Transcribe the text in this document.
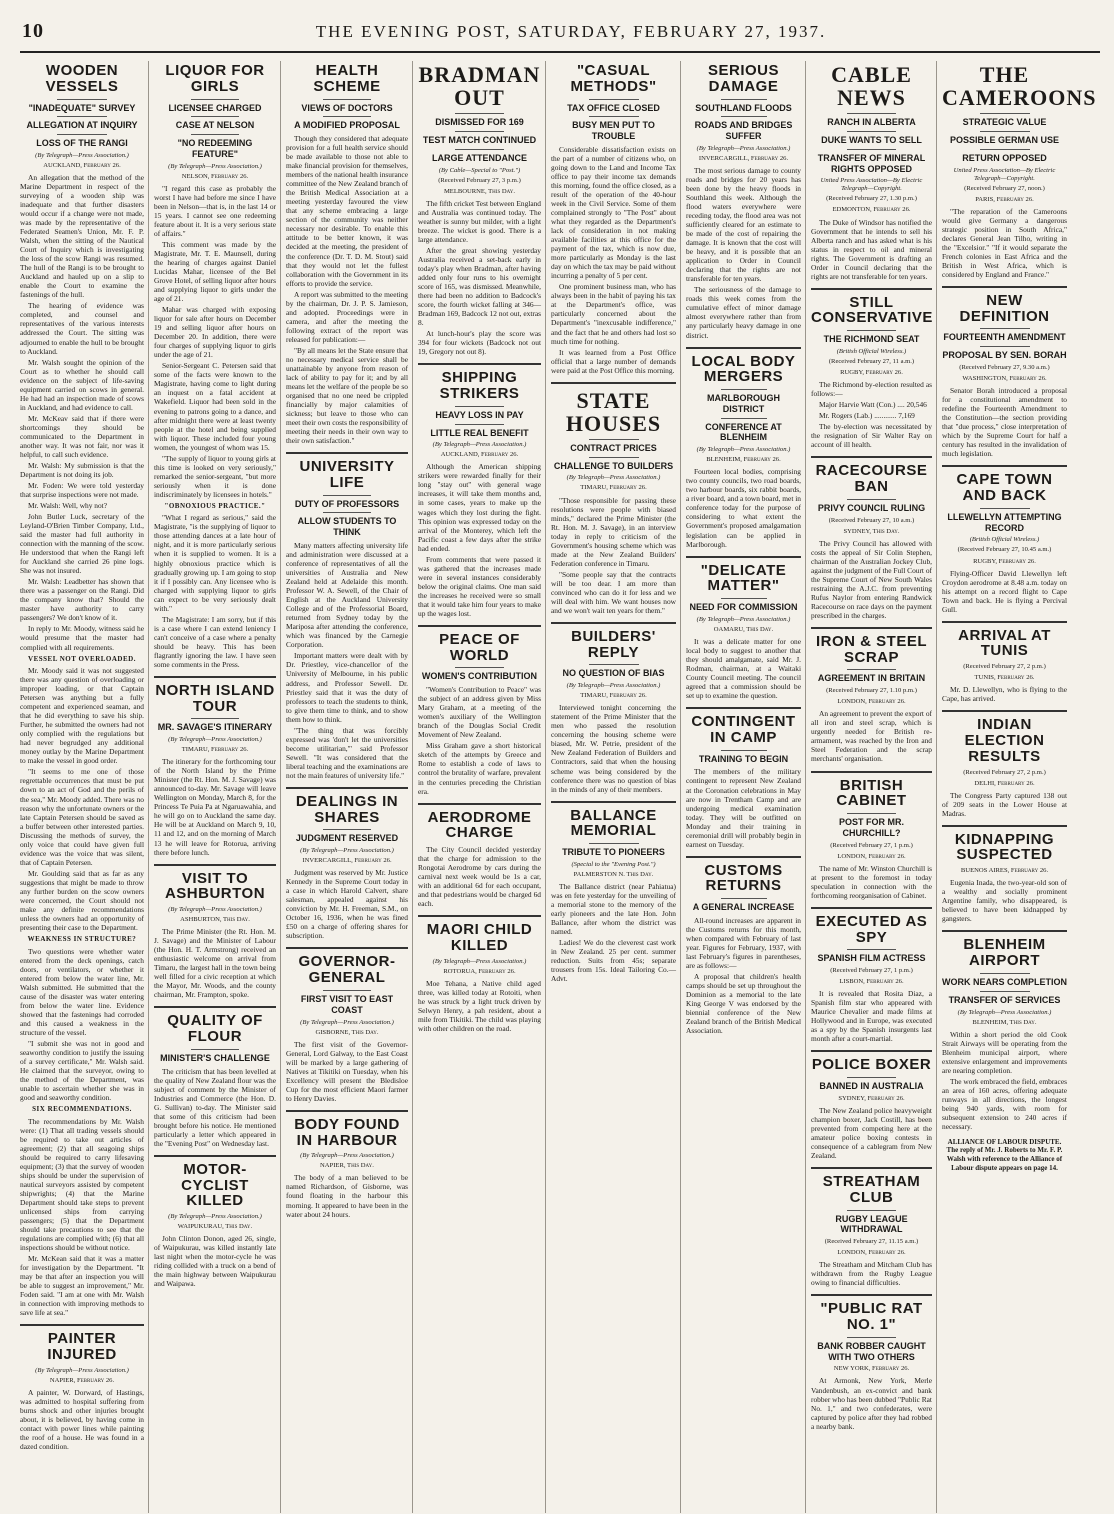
10	THE EVENING POST, SATURDAY, FEBRUARY 27, 1937.
WOODEN VESSELS
"INADEQUATE" SURVEY
ALLEGATION AT INQUIRY
LOSS OF THE RANGI
(By Telegraph—Press Association.)
AUCKLAND, February 26.

An allegation that the method of the Marine Department in respect of the surveying of a wooden ship was inadequate and that further disasters would occur if a change were not made, was made by the representative of the Federated Seamen's Union, Mr. F. P. Walsh, when the sitting of the Nautical Court of Inquiry which is investigating the loss of the scow Rangi was resumed. The hull of the Rangi is to be brought to Auckland and hauled up on a slip to enable the Court to examine the fastenings of the hull.

The hearing of evidence was completed, and counsel and representatives of the various interests addressed the Court. The sitting was adjourned to enable the hull to be brought to Auckland.

Mr. Walsh sought the opinion of the Court as to whether he should call evidence on the subject of life-saving equipment carried on scows in general. He had had an inspection made of scows in Auckland, and had evidence to call.

Mr. McKeav said that if there were shortcomings they should be communicated to the Department in another way. It was not fair, nor was it helpful, to call such evidence.

Mr. Walsh: My submission is that the Department is not doing its job.

Mr. Foden: We were told yesterday that surprise inspections were not made.

Mr. Walsh: Well, why not?

John Butler Luck, secretary of the Leyland-O'Brien Timber Company, Ltd., said the master had full authority in connection with the manning of the scow. He understood that when the Rangi left for Auckland she carried 26 pine logs. She was not insured.

Mr. Walsh: Leadbetter has shown that there was a passenger on the Rangi. Did the company know that? Should the master have authority to carry passengers? We don't know of it.

In reply to Mr. Moody, witness said he would presume that the master had complied with all requirements.

VESSEL NOT OVERLOADED.

Mr. Moody said it was not suggested there was any question of overloading or improper loading, or that Captain Petersen was anything but a fully competent and experienced seaman, and that he did everything to save his ship. Further, he submitted the owners had not only complied with the regulations but had never begrudged any additional money outlay by the Marine Department to make the vessel in good order.

"It seems to me one of those regrettable occurrences that must be put down to an act of God and the perils of the sea," Mr. Moody added. There was no reason why the unfortunate owners or the late Captain Petersen should be saved as a buffer between other interested parties. Discussing the methods of survey, the only voice that could have given full evidence was the voice that was silent, that of Captain Petersen.

Mr. Goulding said that as far as any suggestions that might be made to throw any further burden on the scow owners were concerned, the Court should not make any definite recommendations unless the owners had an opportunity of presenting their case to the Department.

WEAKNESS IN STRUCTURE?

Two questions were whether water entered from the deck openings, catch doors, or ventilators, or whether it entered from below the water line, Mr. Walsh submitted. He submitted that the cause of the disaster was water entering from below the water line. Evidence showed that the fastenings had corroded and this caused a weakness in the structure of the vessel.

"I submit she was not in good and seaworthy condition to justify the issuing of a survey certificate," Mr. Walsh said. He claimed that the surveyor, owing to the method of the Department, was unable to ascertain whether she was in good and seaworthy condition.

SIX RECOMMENDATIONS.

The recommendations by Mr. Walsh were: (1) That all trading vessels should be required to take out articles of agreement; (2) that all seagoing ships should be required to carry lifesaving equipment; (3) that the survey of wooden ships should be under the supervision of nautical surveyors assisted by competent shipwrights; (4) that the Marine Department should take steps to prevent unlicensed ships from carrying passengers; (5) that the Department should take precautions to see that the regulations are complied with; (6) that all inspections should be without notice.

Mr. McKean said that it was a matter for investigation by the Department. "It may be that after an inspection you will be able to suggest an improvement," Mr. Foden said. "I am at one with Mr. Walsh in connection with improving methods to save life at sea."

PAINTER INJURED
(By Telegraph—Press Association.)
NAPIER, February 26.

A painter, W. Dorward, of Hastings, was admitted to hospital suffering from burns shock and other injuries brought about, it is believed, by having come in contact with power lines while painting the roof of a house. He was found in a dazed condition.

LIQUOR FOR GIRLS
LICENSEE CHARGED
CASE AT NELSON
"NO REDEEMING FEATURE"
(By Telegraph—Press Association.)
NELSON, February 26.

"I regard this case as probably the worst I have had before me since I have been in Nelson—that is, in the last 14 or 15 years. I cannot see one redeeming feature about it. It is a very serious state of affairs."

This comment was made by the Magistrate, Mr. T. E. Maunsell, during the hearing of charges against Daniel Lucidas Mahar, licensee of the Bel Grove Hotel, of selling liquor after hours and supplying liquor to girls under the age of 21.

Mahar was charged with exposing liquor for sale after hours on December 19 and selling liquor after hours on December 20. In addition, there were four charges of supplying liquor to girls under the age of 21.

Senior-Sergeant C. Petersen said that some of the facts were known to the Magistrate, having come to light during an inquest on a fatal accident at Wakefield. Liquor had been sold in the evening to patrons going to a dance, and after midnight there were at least twenty people at the hotel and being supplied with liquor. These included four young women, the youngest of whom was 15.

"The supply of liquor to young girls at this time is looked on very seriously," remarked the senior-sergeant, "but more seriously when it is done indiscriminately by licensees in hotels."

"OBNOXIOUS PRACTICE."

"What I regard as serious," said the Magistrate, "is the supplying of liquor to those attending dances at a late hour of night, and it is more particularly serious when it is supplied to women. It is a highly obnoxious practice which is gradually growing up. I am going to stop it if I possibly can. Any licensee who is charged with supplying liquor to girls can expect to be very seriously dealt with."

The Magistrate: I am sorry, but if this is a case where I can extend leniency I can't conceive of a case where a penalty should be heavy. This has been flagrantly ignoring the law. I have seen some comments in the Press.

NORTH ISLAND TOUR
MR. SAVAGE'S ITINERARY
(By Telegraph—Press Association.)
TIMARU, February 26.

The itinerary for the forthcoming tour of the North Island by the Prime Minister (the Rt. Hon. M. J. Savage) was announced to-day. Mr. Savage will leave Wellington on Monday, March 8, for the Princess Te Puia Pa at Ngaruawahia, and he will go on to Auckland the same day. He will be at Auckland on March 9, 10, 11 and 12, and on the morning of March 13 he will leave for Rotorua, arriving there before lunch.

VISIT TO ASHBURTON
(By Telegraph—Press Association.)
ASHBURTON, This Day.

The Prime Minister (the Rt. Hon. M. J. Savage) and the Minister of Labour (the Hon. H. T. Armstrong) received an enthusiastic welcome on arrival from Timaru, the largest hall in the town being well filled for a civic reception at which the Mayor, Mr. Woods, and the county chairman, Mr. Frampton, spoke.

QUALITY OF FLOUR
MINISTER'S CHALLENGE

The criticism that has been levelled at the quality of New Zealand flour was the subject of comment by the Minister of Industries and Commerce (the Hon. D. G. Sullivan) to-day. The Minister said that some of this criticism had been brought before his notice. He mentioned particularly a letter which appeared in the "Evening Post" on Wednesday last.

MOTOR-CYCLIST KILLED
(By Telegraph—Press Association.)
WAIPUKURAU, This Day.

John Clinton Donon, aged 26, single, of Waipukurau, was killed instantly late last night when the motor-cycle he was riding collided with a truck on a bend of the main highway between Waipukurau and Waipawa.

HEALTH SCHEME
VIEWS OF DOCTORS
A MODIFIED PROPOSAL

Though they considered that adequate provision for a full health service should be made available to those not able to make financial provision for themselves, members of the national health insurance committee of the New Zealand branch of the British Medical Association at a meeting yesterday favoured the view that any scheme embracing a large section of the community was neither necessary nor desirable. To enable this attitude to be better known, it was decided at the meeting, the president of the conference (Dr. T. D. M. Stout) said that they would not let the fullest collaboration with the Government in its efforts to provide the service.

A report was submitted to the meeting by the chairman, Dr. J. P. S. Jamieson, and adopted. Proceedings were in camera, and after the meeting the following extract of the report was released for publication:—

"By all means let the State ensure that no necessary medical service shall be unattainable by anyone from reason of lack of ability to pay for it; and by all means let the welfare of the people be so organised that no one need be crippled financially by major calamities of sickness; but leave to those who can meet their own costs the responsibility of meeting their needs in their own way to their own satisfaction."

UNIVERSITY LIFE
DUTY OF PROFESSORS
ALLOW STUDENTS TO THINK

Many matters affecting university life and administration were discussed at a conference of representatives of all the universities of Australia and New Zealand held at Adelaide this month. Professor W. A. Sewell, of the Chair of English at the Auckland University College and of the Professorial Board, returned from Sydney today by the Mariposa after attending the conference, which was financed by the Carnegie Corporation.

Important matters were dealt with by Dr. Priestley, vice-chancellor of the University of Melbourne, in his public address, and Professor Sewell. Dr. Priestley said that it was the duty of professors to teach the students to think, to give them time to think, and to show them how to think.

"The thing that was forcibly expressed was 'don't let the universities become utilitarian,'" said Professor Sewell. "It was considered that the liberal teaching and the examinations are not the main features of university life."

DEALINGS IN SHARES
JUDGMENT RESERVED
(By Telegraph—Press Association.)
INVERCARGILL, February 26.

Judgment was reserved by Mr. Justice Kennedy in the Supreme Court today in a case in which Harold Calvert, share salesman, appealed against his conviction by Mr. H. Freeman, S.M., on October 16, 1936, when he was fined £50 on a charge of offering shares for subscription.

GOVERNOR-GENERAL
FIRST VISIT TO EAST COAST
(By Telegraph—Press Association.)
GISBORNE, This Day.

The first visit of the Governor-General, Lord Galway, to the East Coast will be marked by a large gathering of Natives at Tikitiki on Tuesday, when his Excellency will present the Bledisloe Cup for the most efficient Maori farmer to Henry Davies.

BODY FOUND IN HARBOUR
(By Telegraph—Press Association.)
NAPIER, This Day.

The body of a man believed to be named Richardson, of Gisborne, was found floating in the harbour this morning. It appeared to have been in the water about 24 hours.

BRADMAN OUT
DISMISSED FOR 169
TEST MATCH CONTINUED
LARGE ATTENDANCE
(By Cable—Special to "Post.")
(Received February 27, 3 p.m.)
MELBOURNE, This Day.

The fifth cricket Test between England and Australia was continued today. The weather is sunny but milder, with a light breeze. The wicket is good. There is a large attendance.

After the great showing yesterday Australia received a set-back early in today's play when Bradman, after having added only four runs to his overnight score of 165, was dismissed. Meanwhile, there had been no addition to Badcock's score, the fourth wicket falling at 346—Bradman 169, Badcock 12 not out, extras 8.

At lunch-hour's play the score was 394 for four wickets (Badcock not out 19, Gregory not out 8).

SHIPPING STRIKERS
HEAVY LOSS IN PAY
LITTLE REAL BENEFIT
(By Telegraph—Press Association.)
AUCKLAND, February 26.

Although the American shipping strikers were rewarded finally for their long "stay out" with general wage increases, it will take them months and, in some cases, years to make up the wages which they lost during the fight. This opinion was expressed today on the arrival of the Monterey, which left the Pacific coast a few days after the strike had ended.

From comments that were passed it was gathered that the increases made were in several instances considerably below the original claims. One man said the increases he received were so small that it would take him four years to make up the wages lost.

PEACE OF WORLD
WOMEN'S CONTRIBUTION

"Women's Contribution to Peace" was the subject of an address given by Miss Mary Graham, at a meeting of the women's auxiliary of the Wellington branch of the Douglas Social Credit Movement of New Zealand.

Miss Graham gave a short historical sketch of the attempts by Greece and Rome to establish a code of laws to control the brutality of warfare, prevalent in the centuries preceding the Christian era.

AERODROME CHARGE

The City Council decided yesterday that the charge for admission to the Rongotai Aerodrome by cars during the carnival next week would be 1s a car, with an additional 6d for each occupant, and that pedestrians would be charged 6d each.

MAORI CHILD KILLED
(By Telegraph—Press Association.)
ROTORUA, February 26.

Moe Tehana, a Native child aged three, was killed today at Rotoiti, when he was struck by a light truck driven by Selwyn Henry, a pah resident, about a mile from Tikitiki. The child was playing with other children on the road.

"CASUAL METHODS"
TAX OFFICE CLOSED
BUSY MEN PUT TO TROUBLE

Considerable dissatisfaction exists on the part of a number of citizens who, on going down to the Land and Income Tax office to pay their income tax demands this morning, found the office closed, as a result of the operation of the 40-hour week in the Civil Service. Some of them complained strongly to "The Post" about what they regarded as the Department's lack of consideration in not making available facilities at this office for the payment of the tax, which is now due, more particularly as Monday is the last day on which the tax may be paid without incurring a penalty of 5 per cent.

One prominent business man, who has always been in the habit of paying his tax at the Department's office, was particularly concerned about the Department's "inexcusable indifference," and the fact that he and others had lost so much time for nothing.

It was learned from a Post Office official that a large number of demands were paid at the Post Office this morning.

STATE HOUSES
CONTRACT PRICES
CHALLENGE TO BUILDERS
(By Telegraph—Press Association.)
TIMARU, February 26.

"Those responsible for passing these resolutions were people with biased minds," declared the Prime Minister (the Rt. Hon. M. J. Savage), in an interview today in reply to criticism of the Government's housing scheme which was made at the New Zealand Builders' Federation conference in Timaru.

"Some people say that the contracts will be too dear. I am more than convinced who can do it for less and we will deal with him. We want houses now and we won't wait ten years for them."

BUILDERS' REPLY
NO QUESTION OF BIAS
(By Telegraph—Press Association.)
TIMARU, February 26.

Interviewed tonight concerning the statement of the Prime Minister that the men who passed the resolution concerning the housing scheme were biased, Mr. W. Petrie, president of the New Zealand Federation of Builders and Contractors, said that when the housing scheme was being considered by the conference there was no question of bias in the minds of any of their members.

BALLANCE MEMORIAL
TRIBUTE TO PIONEERS
(Special to the "Evening Post.")
PALMERSTON N. This Day.

The Ballance district (near Pahiatua) was en fete yesterday for the unveiling of a memorial stone to the memory of the early pioneers and the late Hon. John Ballance, after whom the district was named.

Ladies! We do the cleverest cast work in New Zealand. 25 per cent. summer reduction. Suits from 45s; separate trousers from 15s. Ideal Tailoring Co.—Advt.

SERIOUS DAMAGE
SOUTHLAND FLOODS
ROADS AND BRIDGES SUFFER
(By Telegraph—Press Association.)
INVERCARGILL, February 26.

The most serious damage to county roads and bridges for 20 years has been done by the heavy floods in Southland this week. Although the flood waters everywhere were receding today, the flood area was not sufficiently cleared for an estimate to be made of the cost of repairing the damage. It is known that the cost will be heavy, and it is possible that an application to Order in Council declaring that the rights are not transferable for ten years.

The seriousness of the damage to roads this week comes from the cumulative effect of minor damage almost everywhere rather than from any particularly heavy damage in one district.

LOCAL BODY MERGERS
MARLBOROUGH DISTRICT
CONFERENCE AT BLENHEIM
(By Telegraph—Press Association.)
BLENHEIM, February 26.

Fourteen local bodies, comprising two county councils, two road boards, two harbour boards, six rabbit boards, a river board, and a town board, met in conference today for the purpose of considering to what extent the Government's proposed amalgamation legislation can be applied in Marlborough.

"DELICATE MATTER"
NEED FOR COMMISSION
(By Telegraph—Press Association.)
OAMARU, This Day.

It was a delicate matter for one local body to suggest to another that they should amalgamate, said Mr. J. Rodman, chairman, at a Waitaki County Council meeting. The council agreed that a commission should be set up to examine the question.

CONTINGENT IN CAMP
TRAINING TO BEGIN

The members of the military contingent to represent New Zealand at the Coronation celebrations in May are now in Trentham Camp and are undergoing medical examination today. They will be outfitted on Monday and their training in ceremonial drill will probably begin in earnest on Tuesday.

CUSTOMS RETURNS
A GENERAL INCREASE

All-round increases are apparent in the Customs returns for this month, when compared with February of last year. Figures for February, 1937, with last February's figures in parentheses, are as follows:—

A proposal that children's health camps should be set up throughout the Dominion as a memorial to the late King George V was endorsed by the biennial conference of the New Zealand branch of the British Medical Association.

CABLE NEWS
RANCH IN ALBERTA
DUKE WANTS TO SELL
TRANSFER OF MINERAL RIGHTS OPPOSED
United Press Association—By Electric Telegraph—Copyright.
(Received February 27, 1.30 p.m.)
EDMONTON, February 26.

The Duke of Windsor has notified the Government that he intends to sell his Alberta ranch and has asked what is his status in respect to oil and mineral rights. The Government is drafting an Order in Council declaring that the rights are not transferable for ten years.

STILL CONSERVATIVE
THE RICHMOND SEAT
(British Official Wireless.)
(Received February 27, 11 a.m.)
RUGBY, February 26.

The Richmond by-election resulted as follows:—

Major Harvie Watt (Con.) .... 20,546

Mr. Rogers (Lab.) ............ 7,169

The by-election was necessitated by the resignation of Sir Walter Ray on account of ill health.

RACECOURSE BAN
PRIVY COUNCIL RULING
(Received February 27, 10 a.m.)
SYDNEY, This Day.

The Privy Council has allowed with costs the appeal of Sir Colin Stephen, chairman of the Australian Jockey Club, against the judgment of the Full Court of the Supreme Court of New South Wales restraining the A.J.C. from preventing Rufus Naylor from entering Randwick Racecourse on race days on the payment prescribed in the charges.

IRON & STEEL SCRAP
AGREEMENT IN BRITAIN
(Received February 27, 1.10 p.m.)
LONDON, February 26.

An agreement to prevent the export of all iron and steel scrap, which is urgently needed for British re-armament, was reached by the Iron and Steel Federation and the scrap merchants' organisation.

BRITISH CABINET
POST FOR MR. CHURCHILL?
(Received February 27, 1 p.m.)
LONDON, February 26.

The name of Mr. Winston Churchill is at present to the foremost in today speculation in connection with the forthcoming reorganisation of Cabinet.

EXECUTED AS SPY
SPANISH FILM ACTRESS
(Received February 27, 1 p.m.)
LISBON, February 26.

It is revealed that Rosita Diaz, a Spanish film star who appeared with Maurice Chevalier and made films at Hollywood and in Europe, was executed as a spy by the Spanish insurgents last month after a court-martial.

POLICE BOXER
BANNED IN AUSTRALIA
SYDNEY, February 26.

The New Zealand police heavyweight champion boxer, Jack Costill, has been prevented from competing here at the amateur police boxing contests in consequence of a cablegram from New Zealand.

STREATHAM CLUB
RUGBY LEAGUE WITHDRAWAL
(Received February 27, 11.15 a.m.)
LONDON, February 26.

The Streatham and Mitcham Club has withdrawn from the Rugby League owing to financial difficulties.

"PUBLIC RAT NO. 1"
BANK ROBBER CAUGHT WITH TWO OTHERS
NEW YORK, February 26.

At Armonk, New York, Merle Vandenbush, an ex-convict and bank robber who has been dubbed "Public Rat No. 1," and two confederates, were captured by police after they had robbed a nearby bank.

THE CAMEROONS
STRATEGIC VALUE
POSSIBLE GERMAN USE
RETURN OPPOSED
United Press Association—By Electric Telegraph—Copyright.
(Received February 27, noon.)
PARIS, February 26.

"The reparation of the Cameroons would give Germany a dangerous strategic position in South Africa," declares General Jean Tilho, writing in the "Excelsior." "If it would separate the French colonies in East Africa and the British in West Africa, which is considered by England and France."

NEW DEFINITION
FOURTEENTH AMENDMENT
PROPOSAL BY SEN. BORAH
(Received February 27, 9.30 a.m.)
WASHINGTON, February 26.

Senator Borah introduced a proposal for a constitutional amendment to redefine the Fourteenth Amendment to the Constitution—the section providing that "due process," close interpretation of which by the Supreme Court for half a century has resulted in the invalidation of much legislation.

CAPE TOWN AND BACK
LLEWELLYN ATTEMPTING RECORD
(British Official Wireless.)
(Received February 27, 10.45 a.m.)
RUGBY, February 26.

Flying-Officer David Llewellyn left Croydon aerodrome at 8.48 a.m. today on his attempt on a record flight to Cape Town and back. He is flying a Percival Gull.

ARRIVAL AT TUNIS
(Received February 27, 2 p.m.)
TUNIS, February 26.

Mr. D. Llewellyn, who is flying to the Cape, has arrived.

INDIAN ELECTION RESULTS
(Received February 27, 2 p.m.)
DELHI, February 26.

The Congress Party captured 138 out of 209 seats in the Lower House at Madras.

KIDNAPPING SUSPECTED
BUENOS AIRES, February 26.

Eugenia Inada, the two-year-old son of a wealthy and socially prominent Argentine family, who disappeared, is believed to have been kidnapped by gangsters.

BLENHEIM AIRPORT
WORK NEARS COMPLETION
TRANSFER OF SERVICES
(By Telegraph—Press Association.)
BLENHEIM, This Day.

Within a short period the old Cook Strait Airways will be operating from the Blenheim municipal airport, where extensive enlargement and improvements are nearing completion.

The work embraced the field, embraces an area of 160 acres, offering adequate runways in all directions, the longest being 940 yards, with room for subsequent extension to 240 acres if necessary.

ALLIANCE OF LABOUR DISPUTE. The reply of Mr. J. Roberts to Mr. F. P. Walsh with reference to the Alliance of Labour dispute appears on page 14.
